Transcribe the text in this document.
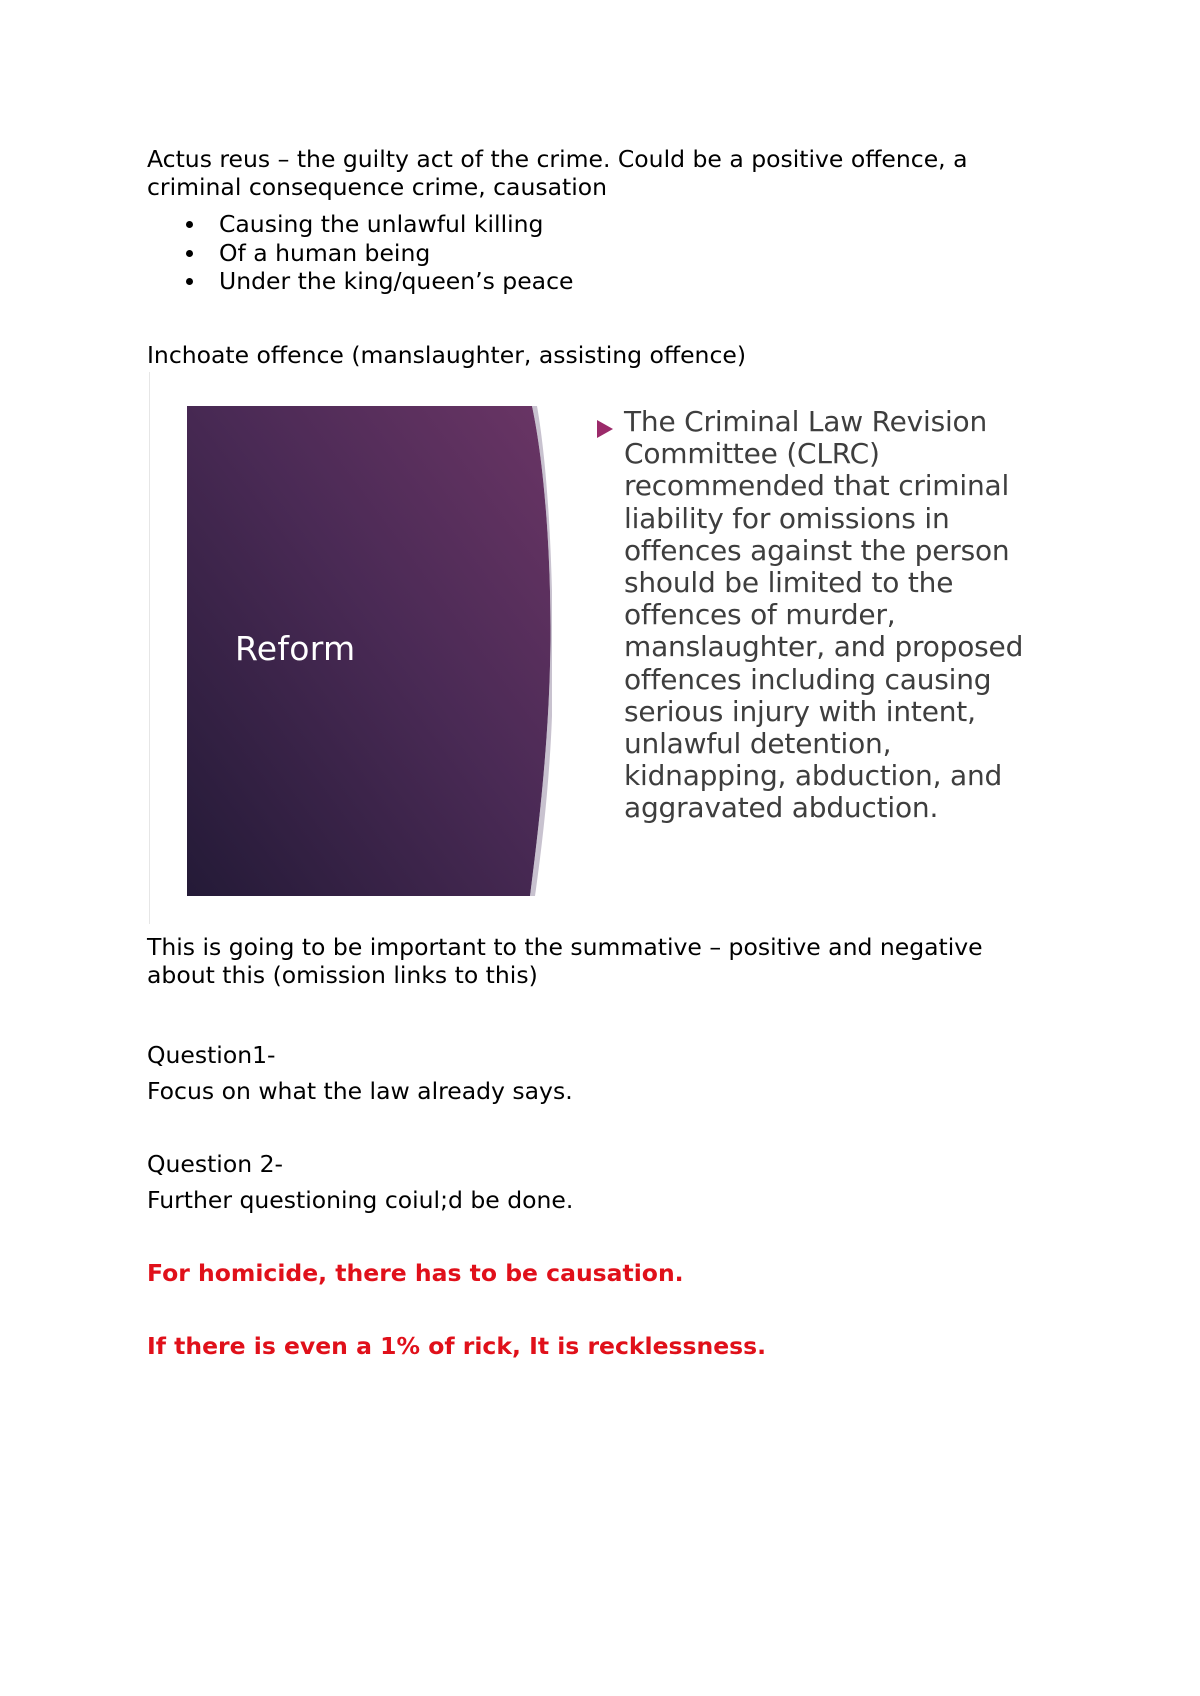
Actus reus – the guilty act of the crime. Could be a positive offence, a
criminal consequence crime, causation

Causing the unlawful killing
Of a human being
Under the king/queen’s peace

Inchoate offence (manslaughter, assisting offence)

Reform
The Criminal Law Revision Committee (CLRC) recommended that criminal liability for omissions in offences against the person should be limited to the offences of murder, manslaughter, and proposed offences including causing serious injury with intent, unlawful detention, kidnapping, abduction, and aggravated abduction.

This is going to be important to the summative – positive and negative
about this (omission links to this)

Question1-

Focus on what the law already says.

Question 2-

Further questioning coiul;d be done.

For homicide, there has to be causation.

If there is even a 1% of rick, It is recklessness.
